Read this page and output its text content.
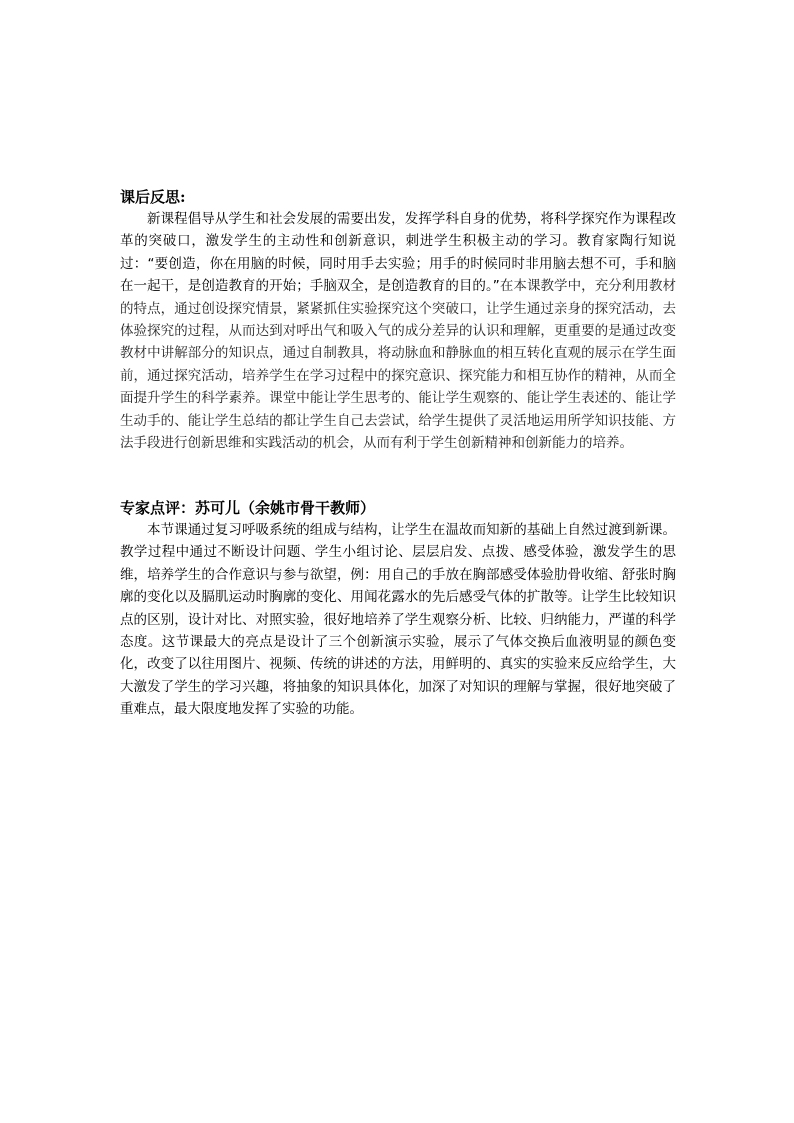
课后反思:

新课程倡导从学生和社会发展的需要出发，发挥学科自身的优势，将科学探究作为课程改革的突破口，激发学生的主动性和创新意识，刺进学生积极主动的学习。教育家陶行知说过：“要创造，你在用脑的时候，同时用手去实验；用手的时候同时非用脑去想不可，手和脑在一起干，是创造教育的开始；手脑双全，是创造教育的目的。”在本课教学中，充分利用教材的特点，通过创设探究情景，紧紧抓住实验探究这个突破口，让学生通过亲身的探究活动，去体验探究的过程，从而达到对呼出气和吸入气的成分差异的认识和理解，更重要的是通过改变教材中讲解部分的知识点，通过自制教具，将动脉血和静脉血的相互转化直观的展示在学生面前，通过探究活动，培养学生在学习过程中的探究意识、探究能力和相互协作的精神，从而全面提升学生的科学素养。课堂中能让学生思考的、能让学生观察的、能让学生表述的、能让学生动手的、能让学生总结的都让学生自己去尝试，给学生提供了灵活地运用所学知识技能、方法手段进行创新思维和实践活动的机会，从而有利于学生创新精神和创新能力的培养。

专家点评：苏可儿（余姚市骨干教师）

本节课通过复习呼吸系统的组成与结构，让学生在温故而知新的基础上自然过渡到新课。教学过程中通过不断设计问题、学生小组讨论、层层启发、点拨、感受体验，激发学生的思维，培养学生的合作意识与参与欲望，例：用自己的手放在胸部感受体验肋骨收缩、舒张时胸廓的变化以及膈肌运动时胸廓的变化、用闻花露水的先后感受气体的扩散等。让学生比较知识点的区别，设计对比、对照实验，很好地培养了学生观察分析、比较、归纳能力，严谨的科学态度。这节课最大的亮点是设计了三个创新演示实验，展示了气体交换后血液明显的颜色变化，改变了以往用图片、视频、传统的讲述的方法，用鲜明的、真实的实验来反应给学生，大大激发了学生的学习兴趣，将抽象的知识具体化，加深了对知识的理解与掌握，很好地突破了重难点，最大限度地发挥了实验的功能。
